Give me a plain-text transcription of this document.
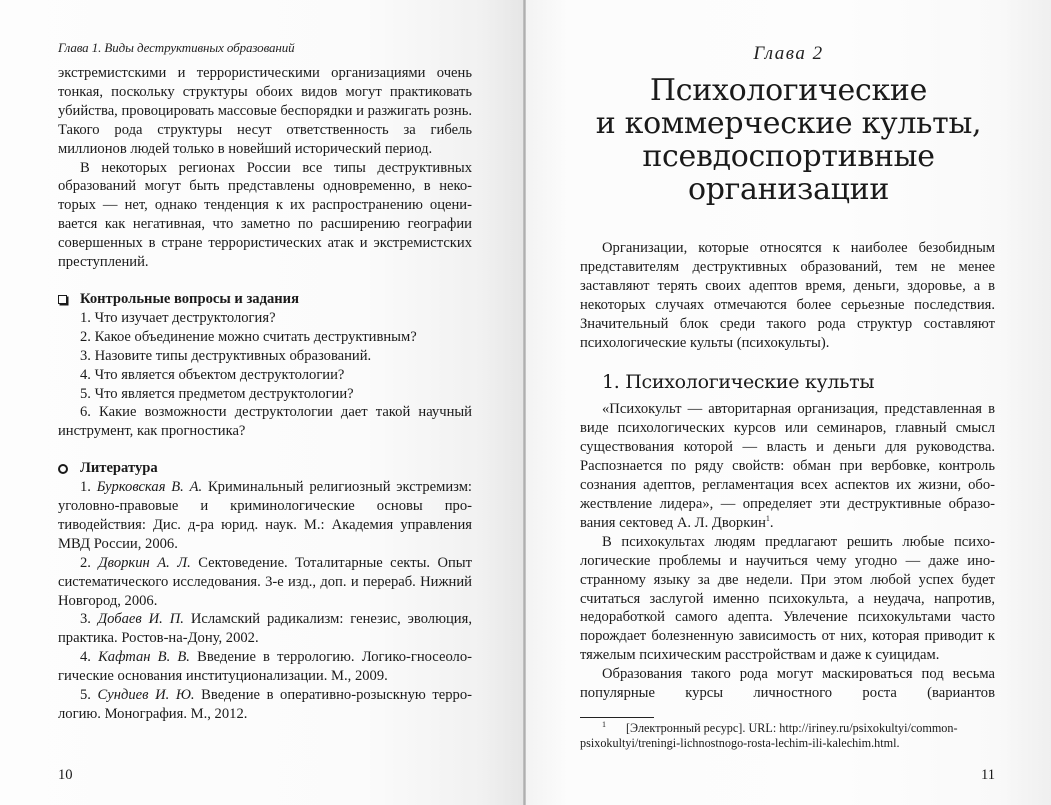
Глава 1. Виды деструктивных образований

экстремистскими и террористическими организациями очень тонкая, поскольку структуры обоих видов могут практиковать убийства, провоцировать массовые беспорядки и разжигать рознь. Такого рода структуры несут ответственность за гибель миллионов людей только в новейший исторический период.

В некоторых регионах России все типы деструктивных образований могут быть представлены одновременно, в некоторых — нет, однако тенденция к их распространению оценивается как негативная, что заметно по расширению географии совершенных в стране террористических атак и экстремистских преступлений.

Контрольные вопросы и задания
1. Что изучает деструктология?
2. Какое объединение можно считать деструктивным?
3. Назовите типы деструктивных образований.
4. Что является объектом деструктологии?
5. Что является предметом деструктологии?
6. Какие возможности деструктологии дает такой научный инструмент, как прогностика?
Литература

1. Бурковская В. А. Криминальный религиозный экстремизм: уголовно-правовые и криминологические основы противодействия: Дис. д-ра юрид. наук. М.: Академия управления МВД России, 2006.

2. Дворкин А. Л. Сектоведение. Тоталитарные секты. Опыт систематического исследования. 3-е изд., доп. и перераб. Нижний Новгород, 2006.

3. Добаев И. П. Исламский радикализм: генезис, эволюция, практика. Ростов-на-Дону, 2002.

4. Кафтан В. В. Введение в террологию. Логико-гносеологические основания институционализации. М., 2009.

5. Сундиев И. Ю. Введение в оперативно-розыскную террологию. Монография. М., 2012.

10
Глава 2
Психологические
и коммерческие культы,
псевдоспортивные
организации

Организации, которые относятся к наиболее безобидным представителям деструктивных образований, тем не менее заставляют терять своих адептов время, деньги, здоровье, а в некоторых случаях отмечаются более серьезные последствия. Значительный блок среди такого рода структур составляют психологические культы (психокульты).

1. Психологические культы

«Психокульт — авторитарная организация, представленная в виде психологических курсов или семинаров, главный смысл существования которой — власть и деньги для руководства. Распознается по ряду свойств: обман при вербовке, контроль сознания адептов, регламентация всех аспектов их жизни, обожествление лидера», — определяет эти деструктивные образования сектовед А. Л. Дворкин$^1$.

В психокультах людям предлагают решить любые психологические проблемы и научиться чему угодно — даже иностранному языку за две недели. При этом любой успех будет считаться заслугой именно психокульта, а неудача, напротив, недоработкой самого адепта. Увлечение психокультами часто порождает болезненную зависимость от них, которая приводит к тяжелым психическим расстройствам и даже к суицидам.

Образования такого рода могут маскироваться под весьма популярные курсы личностного роста (вариантов

$^1$ [Электронный ресурс]. URL: http://iriney.ru/psixokultyi/common-psixokultyi/treningi-lichnostnogo-rosta-lechim-ili-kalechim.html.
11
